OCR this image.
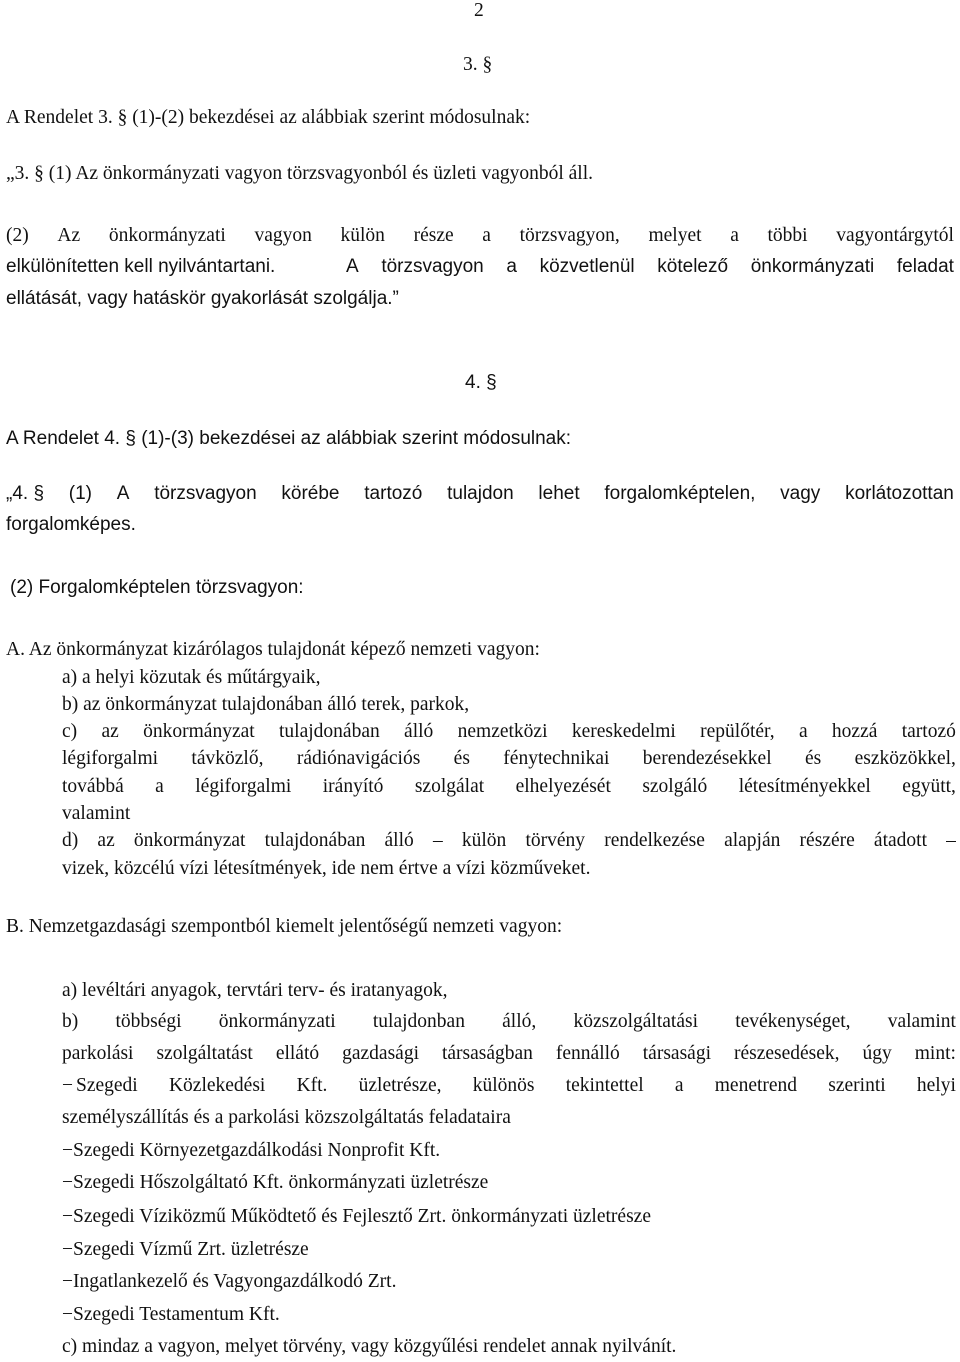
2
3. §
A Rendelet 3. § (1)-(2) bekezdései az alábbiak szerint módosulnak:
„3. § (1) Az önkormányzati vagyon törzsvagyonból és üzleti vagyonból áll.
(2) Az önkormányzati vagyon külön része a törzsvagyon, melyet a többi vagyontárgytól
elkülönítetten kell nyilvántartani.	A törzsvagyon a közvetlenül kötelező önkormányzati feladat
ellátását, vagy hatáskör gyakorlását szolgálja.”
4. §
A Rendelet 4. § (1)-(3) bekezdései az alábbiak szerint módosulnak:
„4. § (1) A törzsvagyon körébe tartozó tulajdon lehet forgalomképtelen, vagy korlátozottan
forgalomképes.
(2) Forgalomképtelen törzsvagyon:
A. Az önkormányzat kizárólagos tulajdonát képező nemzeti vagyon:
a) a helyi közutak és műtárgyaik,
b) az önkormányzat tulajdonában álló terek, parkok,
c) az önkormányzat tulajdonában álló nemzetközi kereskedelmi repülőtér, a hozzá tartozó
légiforgalmi távközlő, rádiónavigációs és fénytechnikai berendezésekkel és eszközökkel,
továbbá a légiforgalmi irányító szolgálat elhelyezését szolgáló létesítményekkel együtt,
valamint
d) az önkormányzat tulajdonában álló – külön törvény rendelkezése alapján részére átadott –
vizek, közcélú vízi létesítmények, ide nem értve a vízi közműveket.
B. Nemzetgazdasági szempontból kiemelt jelentőségű nemzeti vagyon:
a) levéltári anyagok, tervtári terv- és iratanyagok,
b) többségi önkormányzati tulajdonban álló, közszolgáltatási tevékenységet, valamint
parkolási szolgáltatást ellátó gazdasági társaságban fennálló társasági részesedések, úgy mint:
− Szegedi Közlekedési Kft. üzletrésze, különös tekintettel a menetrend szerinti helyi
személyszállítás és a parkolási közszolgáltatás feladataira
−Szegedi Környezetgazdálkodási Nonprofit Kft.
−Szegedi Hőszolgáltató Kft. önkormányzati üzletrésze
−Szegedi Víziközmű Működtető és Fejlesztő Zrt. önkormányzati üzletrésze
−Szegedi Vízmű Zrt. üzletrésze
−Ingatlankezelő és Vagyongazdálkodó Zrt.
−Szegedi Testamentum Kft.
c) mindaz a vagyon, melyet törvény, vagy közgyűlési rendelet annak nyilvánít.
